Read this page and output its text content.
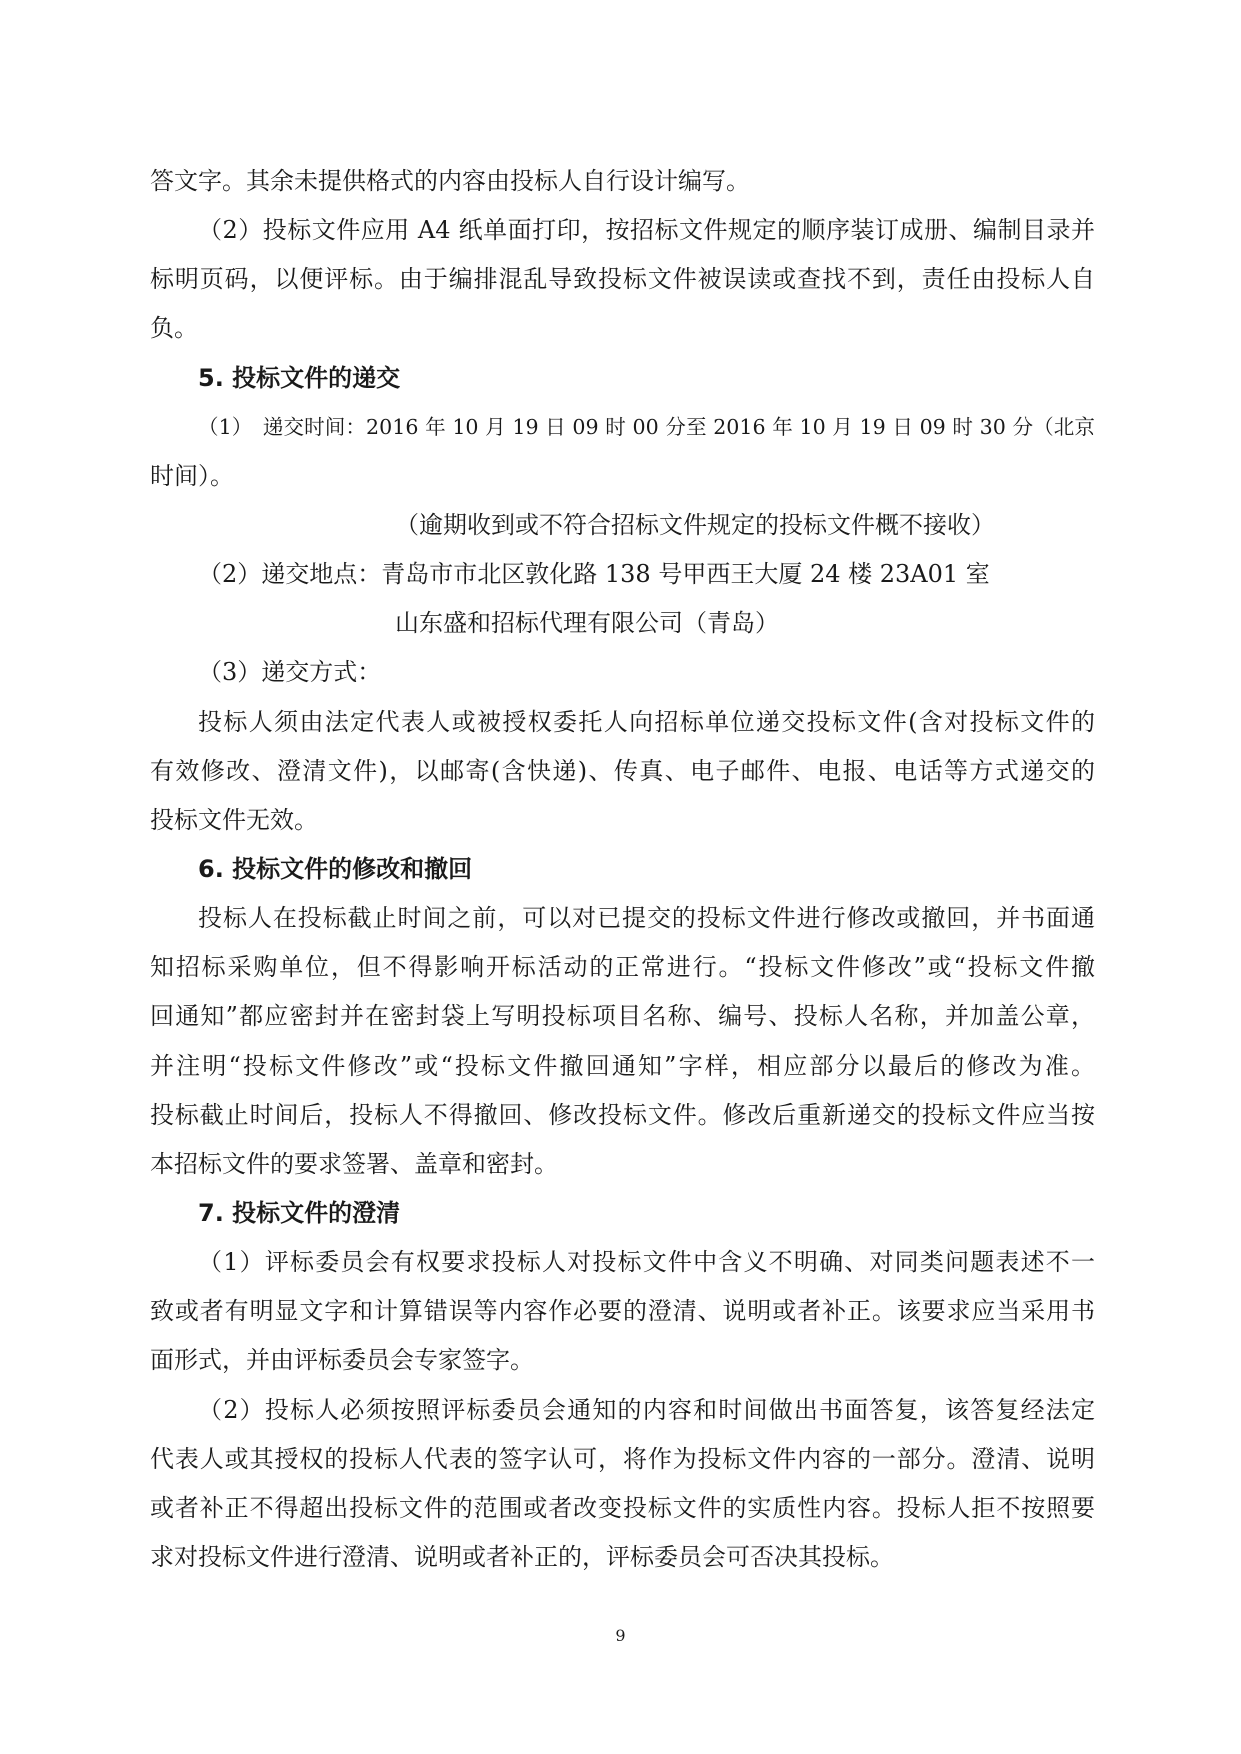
答文字。其余未提供格式的内容由投标人自行设计编写。
（2）投标文件应用 A4 纸单面打印，按招标文件规定的顺序装订成册、编制目录并
标明页码，以便评标。由于编排混乱导致投标文件被误读或查找不到，责任由投标人自
负。
5. 投标文件的递交
（1）　递交时间：2016 年 10 月 19 日 09 时 00 分至 2016 年 10 月 19 日 09 时 30 分（北京
时间）。
（逾期收到或不符合招标文件规定的投标文件概不接收）
（2）递交地点：青岛市市北区敦化路 138 号甲西王大厦 24 楼 23A01 室
山东盛和招标代理有限公司（青岛）
（3）递交方式：
投标人须由法定代表人或被授权委托人向招标单位递交投标文件(含对投标文件的
有效修改、澄清文件)，以邮寄(含快递)、传真、电子邮件、电报、电话等方式递交的
投标文件无效。
6. 投标文件的修改和撤回
投标人在投标截止时间之前，可以对已提交的投标文件进行修改或撤回，并书面通
知招标采购单位，但不得影响开标活动的正常进行。“投标文件修改”或“投标文件撤
回通知”都应密封并在密封袋上写明投标项目名称、编号、投标人名称，并加盖公章，
并注明“投标文件修改”或“投标文件撤回通知”字样，相应部分以最后的修改为准。
投标截止时间后，投标人不得撤回、修改投标文件。修改后重新递交的投标文件应当按
本招标文件的要求签署、盖章和密封。
7. 投标文件的澄清
（1）评标委员会有权要求投标人对投标文件中含义不明确、对同类问题表述不一
致或者有明显文字和计算错误等内容作必要的澄清、说明或者补正。该要求应当采用书
面形式，并由评标委员会专家签字。
（2）投标人必须按照评标委员会通知的内容和时间做出书面答复，该答复经法定
代表人或其授权的投标人代表的签字认可，将作为投标文件内容的一部分。澄清、说明
或者补正不得超出投标文件的范围或者改变投标文件的实质性内容。投标人拒不按照要
求对投标文件进行澄清、说明或者补正的，评标委员会可否决其投标。
9
